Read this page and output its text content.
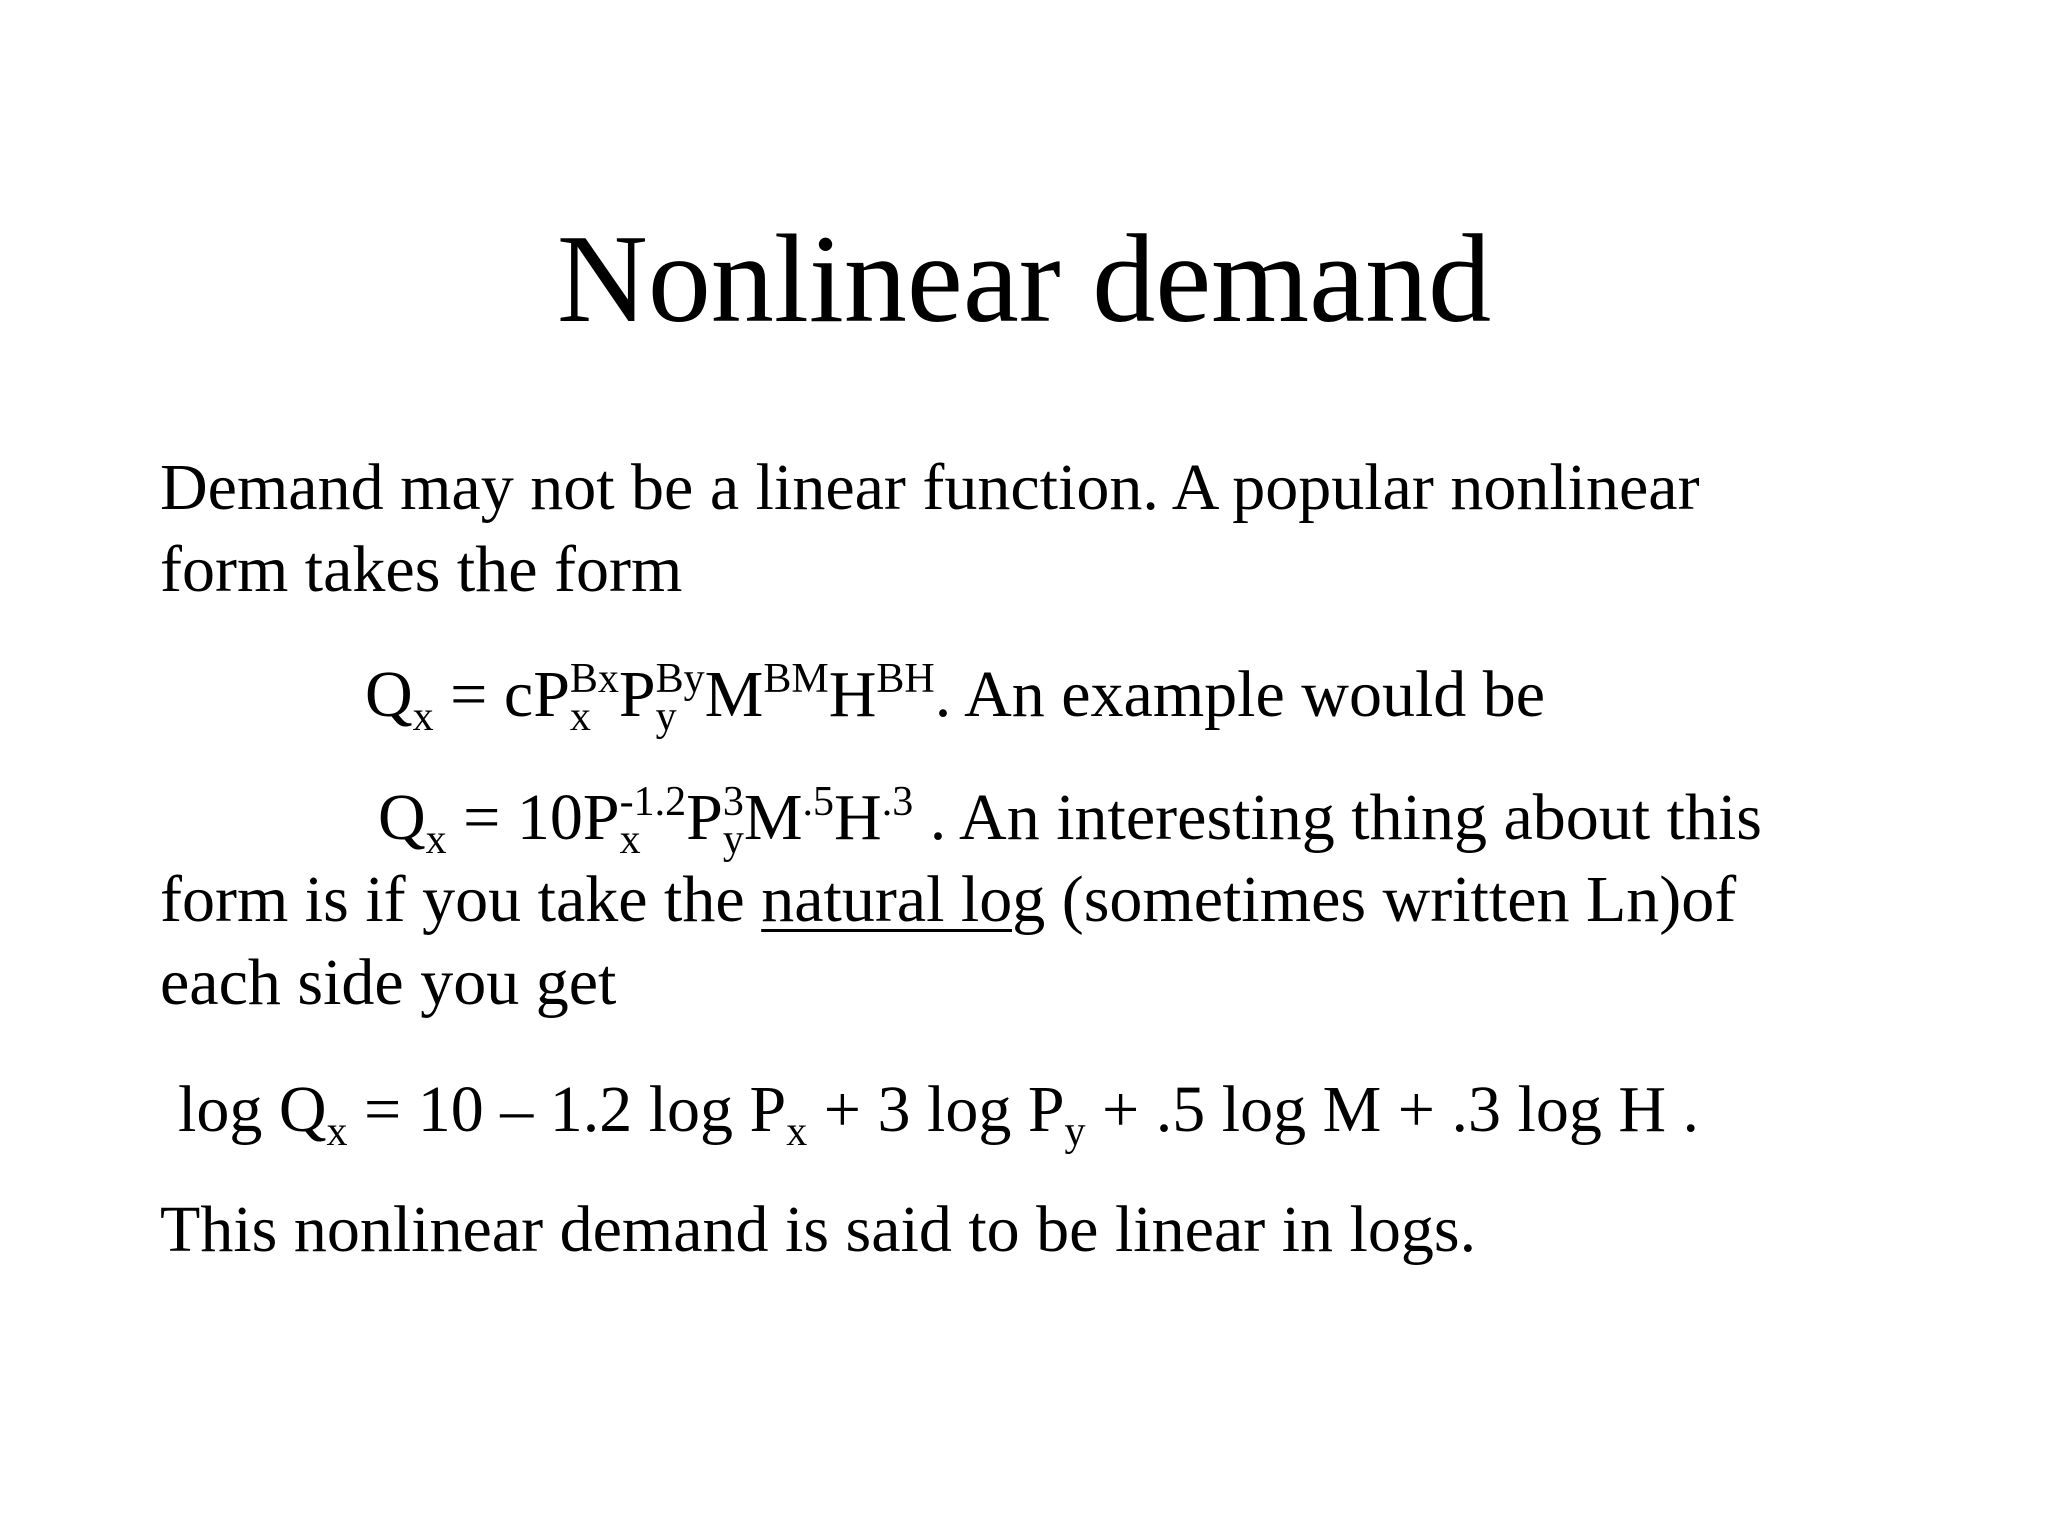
Nonlinear demand
Demand may not be a linear function. A popular nonlinear
form takes the form
$Q_x = cP_x^{Bx}P_y^{By}M^{BM}H^{BH}$. An example would be
$Q_x = 10P_x^{-1.2}P_y^3M^{.5}H^{.3}$ . An interesting thing about this
form is if you take the natural log (sometimes written Ln)of
each side you get
$\log Q_x = 10 - 1.2$ $\log P_x + 3$ $\log P_y + .5$ log M + .3 log H .
This nonlinear demand is said to be linear in logs.
